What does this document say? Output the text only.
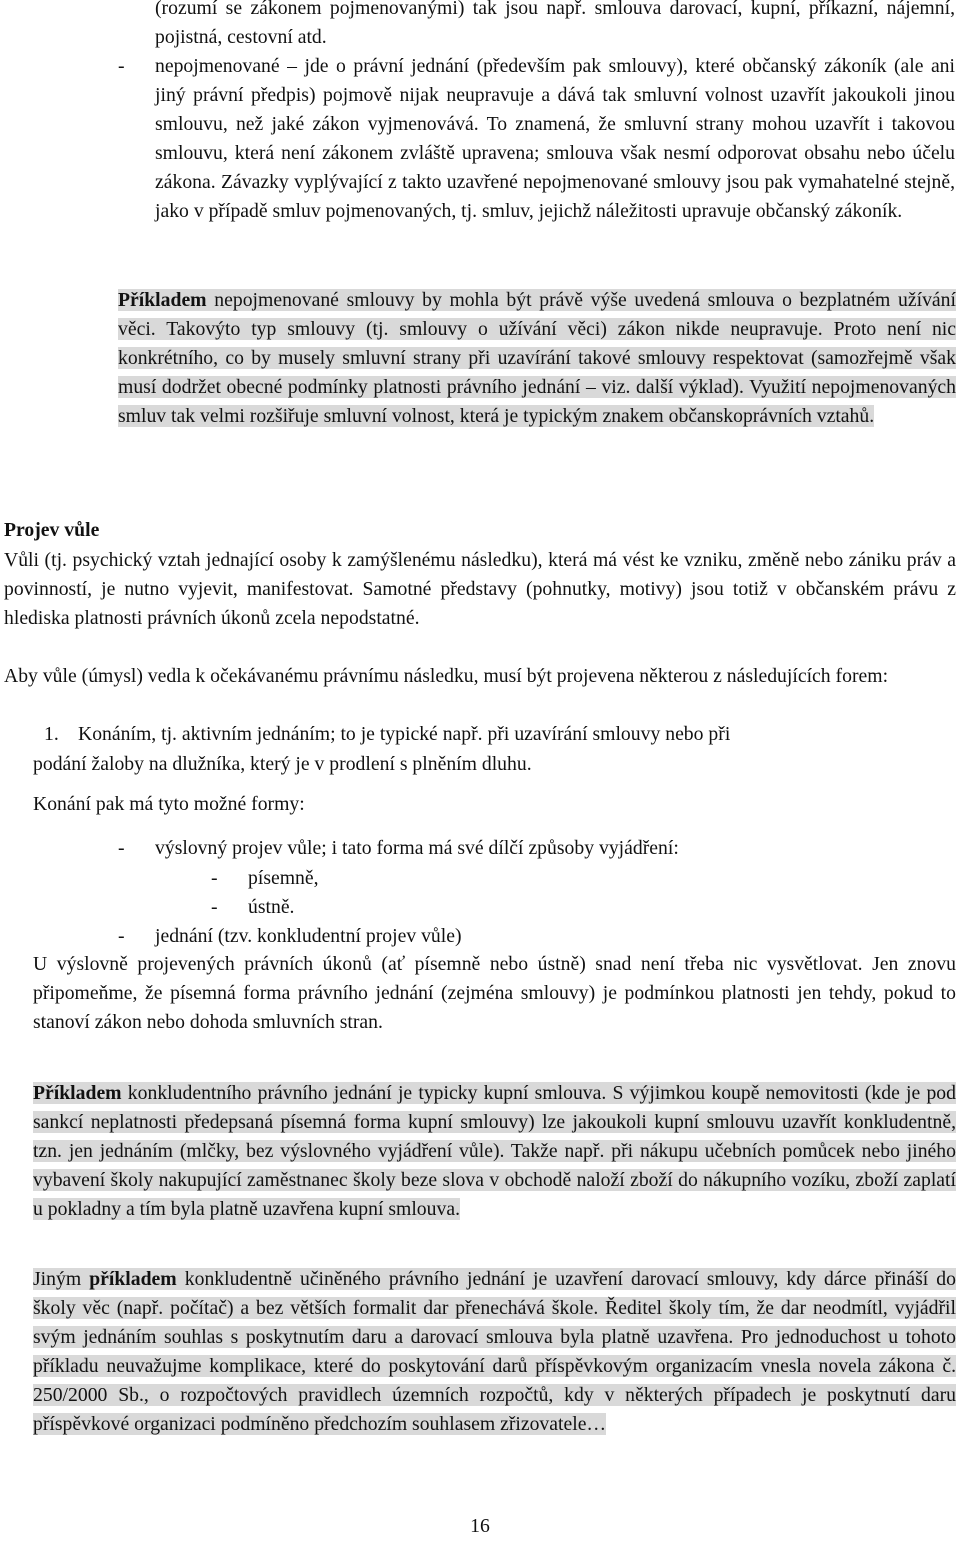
(rozumí se zákonem pojmenovanými) tak jsou např. smlouva darovací, kupní, příkazní, nájemní, pojistná, cestovní atd.

- nepojmenované – jde o právní jednání (především pak smlouvy), které občanský zákoník (ale ani jiný právní předpis) pojmově nijak neupravuje a dává tak smluvní volnost uzavřít jakoukoli jinou smlouvu, než jaké zákon vyjmenovává. To znamená, že smluvní strany mohou uzavřít i takovou smlouvu, která není zákonem zvláště upravena; smlouva však nesmí odporovat obsahu nebo účelu zákona. Závazky vyplývající z takto uzavřené nepojmenované smlouvy jsou pak vymahatelné stejně, jako v případě smluv pojmenovaných, tj. smluv, jejichž náležitosti upravuje občanský zákoník.

Příkladem nepojmenované smlouvy by mohla být právě výše uvedená smlouva o bezplatném užívání věci. Takovýto typ smlouvy (tj. smlouvy o užívání věci) zákon nikde neupravuje. Proto není nic konkrétního, co by musely smluvní strany při uzavírání takové smlouvy respektovat (samozřejmě však musí dodržet obecné podmínky platnosti právního jednání – viz. další výklad). Využití nepojmenovaných smluv tak velmi rozšiřuje smluvní volnost, která je typickým znakem občanskoprávních vztahů.

Projev vůle

Vůli (tj. psychický vztah jednající osoby k zamýšlenému následku), která má vést ke vzniku, změně nebo zániku práv a povinností, je nutno vyjevit, manifestovat. Samotné představy (pohnutky, motivy) jsou totiž v občanském právu z hlediska platnosti právních úkonů zcela nepodstatné.

Aby vůle (úmysl) vedla k očekávanému právnímu následku, musí být projevena některou z následujících forem:

1. Konáním, tj. aktivním jednáním; to je typické např. při uzavírání smlouvy nebo při

podání žaloby na dlužníka, který je v prodlení s plněním dluhu.

Konání pak má tyto možné formy:

- výslovný projev vůle; i tato forma má své dílčí způsoby vyjádření:
- písemně,
- ústně.
- jednání (tzv. konkludentní projev vůle)

U výslovně projevených právních úkonů (ať písemně nebo ústně) snad není třeba nic vysvětlovat. Jen znovu připomeňme, že písemná forma právního jednání (zejména smlouvy) je podmínkou platnosti jen tehdy, pokud to stanoví zákon nebo dohoda smluvních stran.

Příkladem konkludentního právního jednání je typicky kupní smlouva. S výjimkou koupě nemovitosti (kde je pod sankcí neplatnosti předepsaná písemná forma kupní smlouvy) lze jakoukoli kupní smlouvu uzavřít konkludentně, tzn. jen jednáním (mlčky, bez výslovného vyjádření vůle). Takže např. při nákupu učebních pomůcek nebo jiného vybavení školy nakupující zaměstnanec školy beze slova v obchodě naloží zboží do nákupního vozíku, zboží zaplatí u pokladny a tím byla platně uzavřena kupní smlouva.

Jiným příkladem konkludentně učiněného právního jednání je uzavření darovací smlouvy, kdy dárce přináší do školy věc (např. počítač) a bez větších formalit dar přenechává škole. Ředitel školy tím, že dar neodmítl, vyjádřil svým jednáním souhlas s poskytnutím daru a darovací smlouva byla platně uzavřena. Pro jednoduchost u tohoto příkladu neuvažujme komplikace, které do poskytování darů příspěvkovým organizacím vnesla novela zákona č. 250/2000 Sb., o rozpočtových pravidlech územních rozpočtů, kdy v některých případech je poskytnutí daru příspěvkové organizaci podmíněno předchozím souhlasem zřizovatele…

16
